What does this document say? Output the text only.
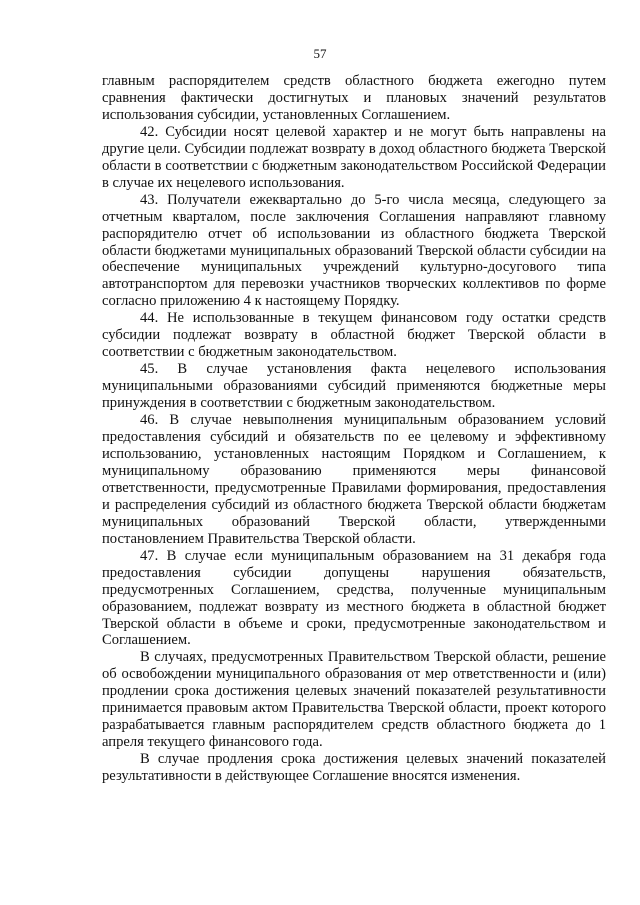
57

главным распорядителем средств областного бюджета ежегодно путем сравнения фактически достигнутых и плановых значений результатов использования субсидии, установленных Соглашением.

42. Субсидии носят целевой характер и не могут быть направлены на другие цели. Субсидии подлежат возврату в доход областного бюджета Тверской области в соответствии с бюджетным законодательством Российской Федерации в случае их нецелевого использования.

43. Получатели ежеквартально до 5-го числа месяца, следующего за отчетным кварталом, после заключения Соглашения направляют главному распорядителю отчет об использовании из областного бюджета Тверской области бюджетами муниципальных образований Тверской области субсидии на обеспечение муниципальных учреждений культурно-досугового типа автотранспортом для перевозки участников творческих коллективов по форме согласно приложению 4 к настоящему Порядку.

44. Не использованные в текущем финансовом году остатки средств субсидии подлежат возврату в областной бюджет Тверской области в соответствии с бюджетным законодательством.

45. В случае установления факта нецелевого использования муниципальными образованиями субсидий применяются бюджетные меры принуждения в соответствии с бюджетным законодательством.

46. В случае невыполнения муниципальным образованием условий предоставления субсидий и обязательств по ее целевому и эффективному использованию, установленных настоящим Порядком и Соглашением, к муниципальному образованию применяются меры финансовой ответственности, предусмотренные Правилами формирования, предоставления и распределения субсидий из областного бюджета Тверской области бюджетам муниципальных образований Тверской области, утвержденными постановлением Правительства Тверской области.

47. В случае если муниципальным образованием на 31 декабря года предоставления субсидии допущены нарушения обязательств, предусмотренных Соглашением, средства, полученные муниципальным образованием, подлежат возврату из местного бюджета в областной бюджет Тверской области в объеме и сроки, предусмотренные законодательством и Соглашением.

В случаях, предусмотренных Правительством Тверской области, решение об освобождении муниципального образования от мер ответственности и (или) продлении срока достижения целевых значений показателей результативности принимается правовым актом Правительства Тверской области, проект которого разрабатывается главным распорядителем средств областного бюджета до 1 апреля текущего финансового года.

В случае продления срока достижения целевых значений показателей результативности в действующее Соглашение вносятся изменения.
